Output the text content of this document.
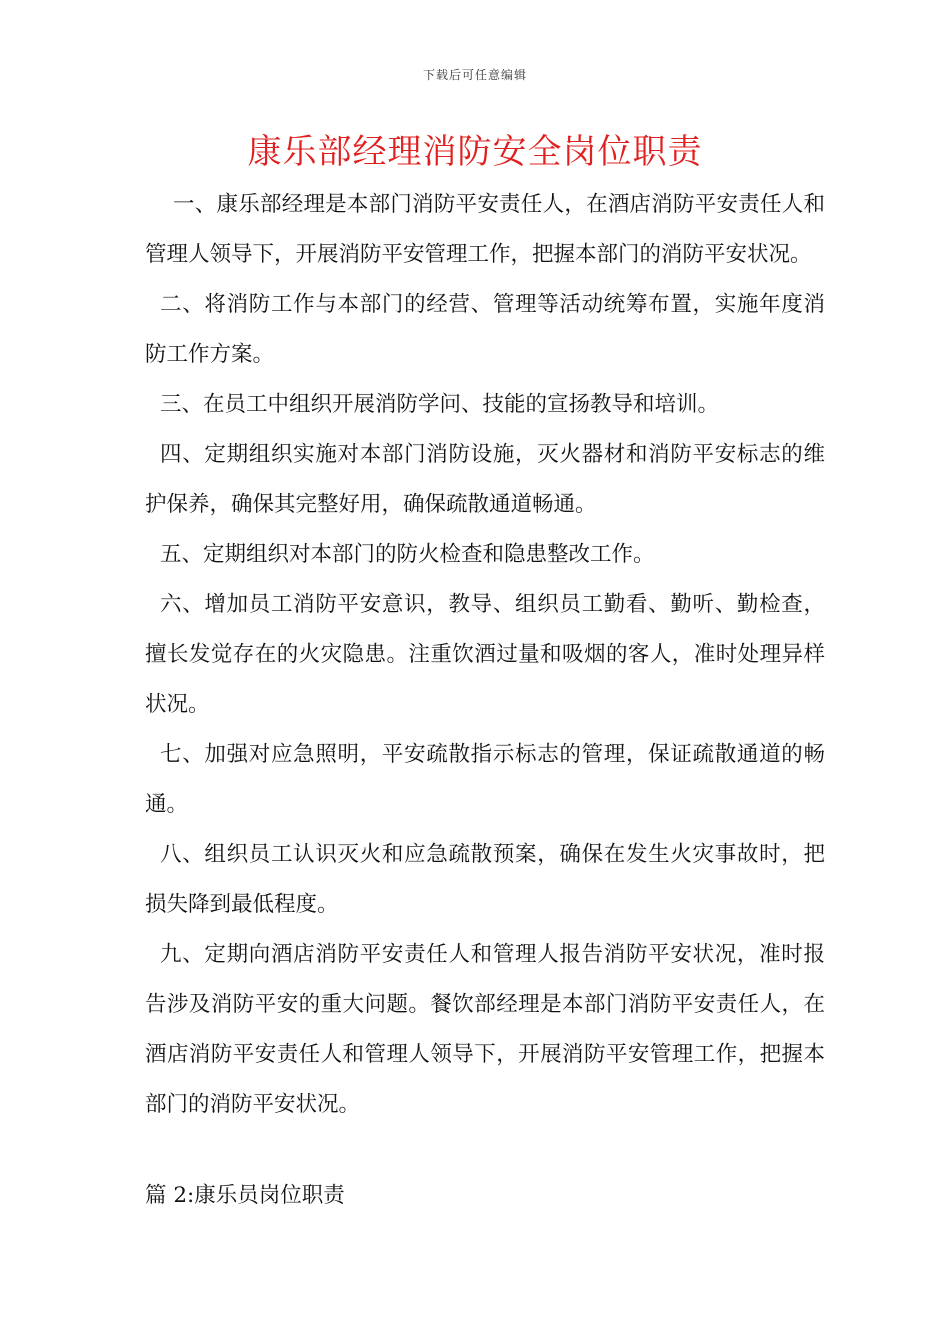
下载后可任意编辑
康乐部经理消防安全岗位职责

一、康乐部经理是本部门消防平安责任人，在酒店消防平安责任人和管理人领导下，开展消防平安管理工作，把握本部门的消防平安状况。

二、将消防工作与本部门的经营、管理等活动统筹布置，实施年度消防工作方案。

三、在员工中组织开展消防学问、技能的宣扬教导和培训。

四、定期组织实施对本部门消防设施，灭火器材和消防平安标志的维护保养，确保其完整好用，确保疏散通道畅通。

五、定期组织对本部门的防火检查和隐患整改工作。

六、增加员工消防平安意识，教导、组织员工勤看、勤听、勤检查，擅长发觉存在的火灾隐患。注重饮酒过量和吸烟的客人，准时处理异样状况。

七、加强对应急照明，平安疏散指示标志的管理，保证疏散通道的畅通。

八、组织员工认识灭火和应急疏散预案，确保在发生火灾事故时，把损失降到最低程度。

九、定期向酒店消防平安责任人和管理人报告消防平安状况，准时报告涉及消防平安的重大问题。餐饮部经理是本部门消防平安责任人，在酒店消防平安责任人和管理人领导下，开展消防平安管理工作，把握本部门的消防平安状况。

篇 2:康乐员岗位职责
